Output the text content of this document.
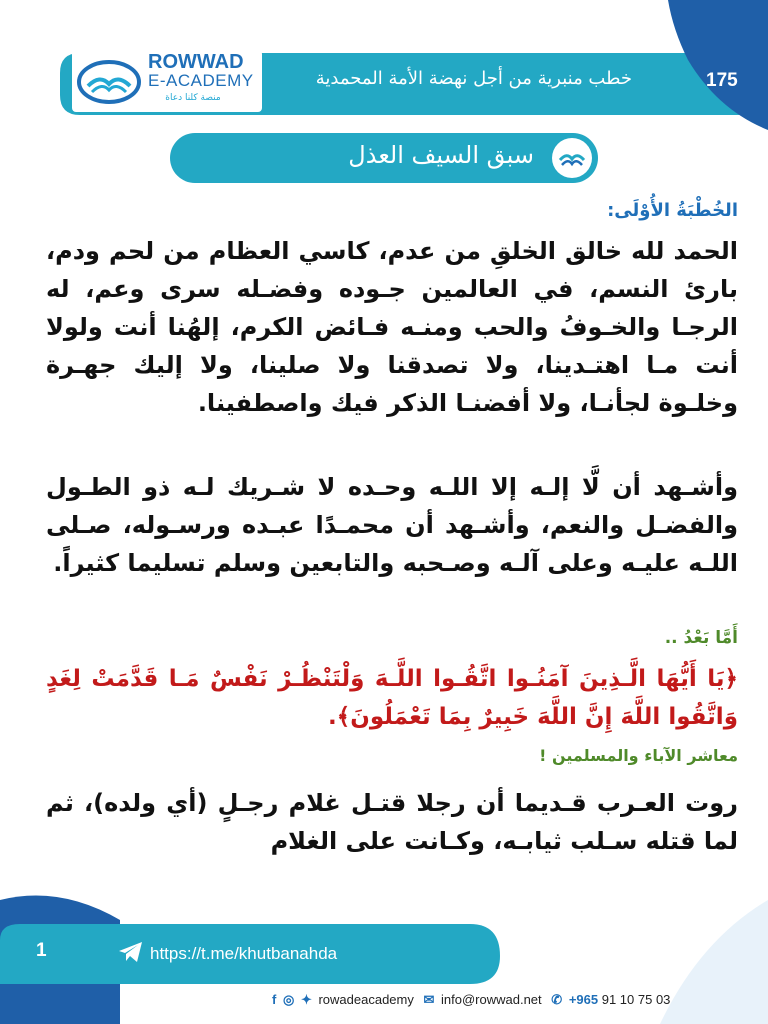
ROWWAD
E-ACADEMY
منصة كلنا دعاة
خطب منبرية من أجل نهضة الأمة المحمدية	175
سبق السيف العذل
الخُطْبَةُ الأُوْلَى:
الحمد لله خالق الخلقِ من عدم، كاسي العظام من لحم ودم، بارئ النسم، في العالمين جـوده وفضـله سرى وعم، له الرجـا والخـوفُ والحب ومنـه فـائض الكرم، إلهُنا أنت ولولا أنت مـا اهتـدينا، ولا تصدقنا ولا صلينا، ولا إليك جهـرة وخلـوة لجأنـا، ولا أفضنـا الذكر فيك واصطفينا.
وأشـهد أن لَّا إلـه إلا اللـه وحـده لا شـريك لـه ذو الطـول والفضـل والنعم، وأشـهد أن محمـدًا عبـده ورسـوله، صـلى اللـه عليـه وعلى آلـه وصـحبه والتابعين وسلم تسليما كثيراً.
أَمَّا بَعْدُ ..
﴿يَا أَيُّهَا الَّـذِينَ آمَنُـوا اتَّقُـوا اللَّـهَ وَلْتَنْظُـرْ نَفْسٌ مَـا قَدَّمَتْ لِغَدٍ وَاتَّقُوا اللَّهَ إِنَّ اللَّهَ خَبِيرٌ بِمَا تَعْمَلُونَ﴾.
معاشر الآباء والمسلمين !
روت العـرب قـديما أن رجلا قتـل غلام رجـلٍ (أي ولده)، ثم لما قتله سـلب ثيابـه، وكـانت على الغلام
1	https://t.me/khutbanahda
f ◎ ✦ rowadeacademy ✉ info@rowwad.net ✆ +965 91 10 75 03
